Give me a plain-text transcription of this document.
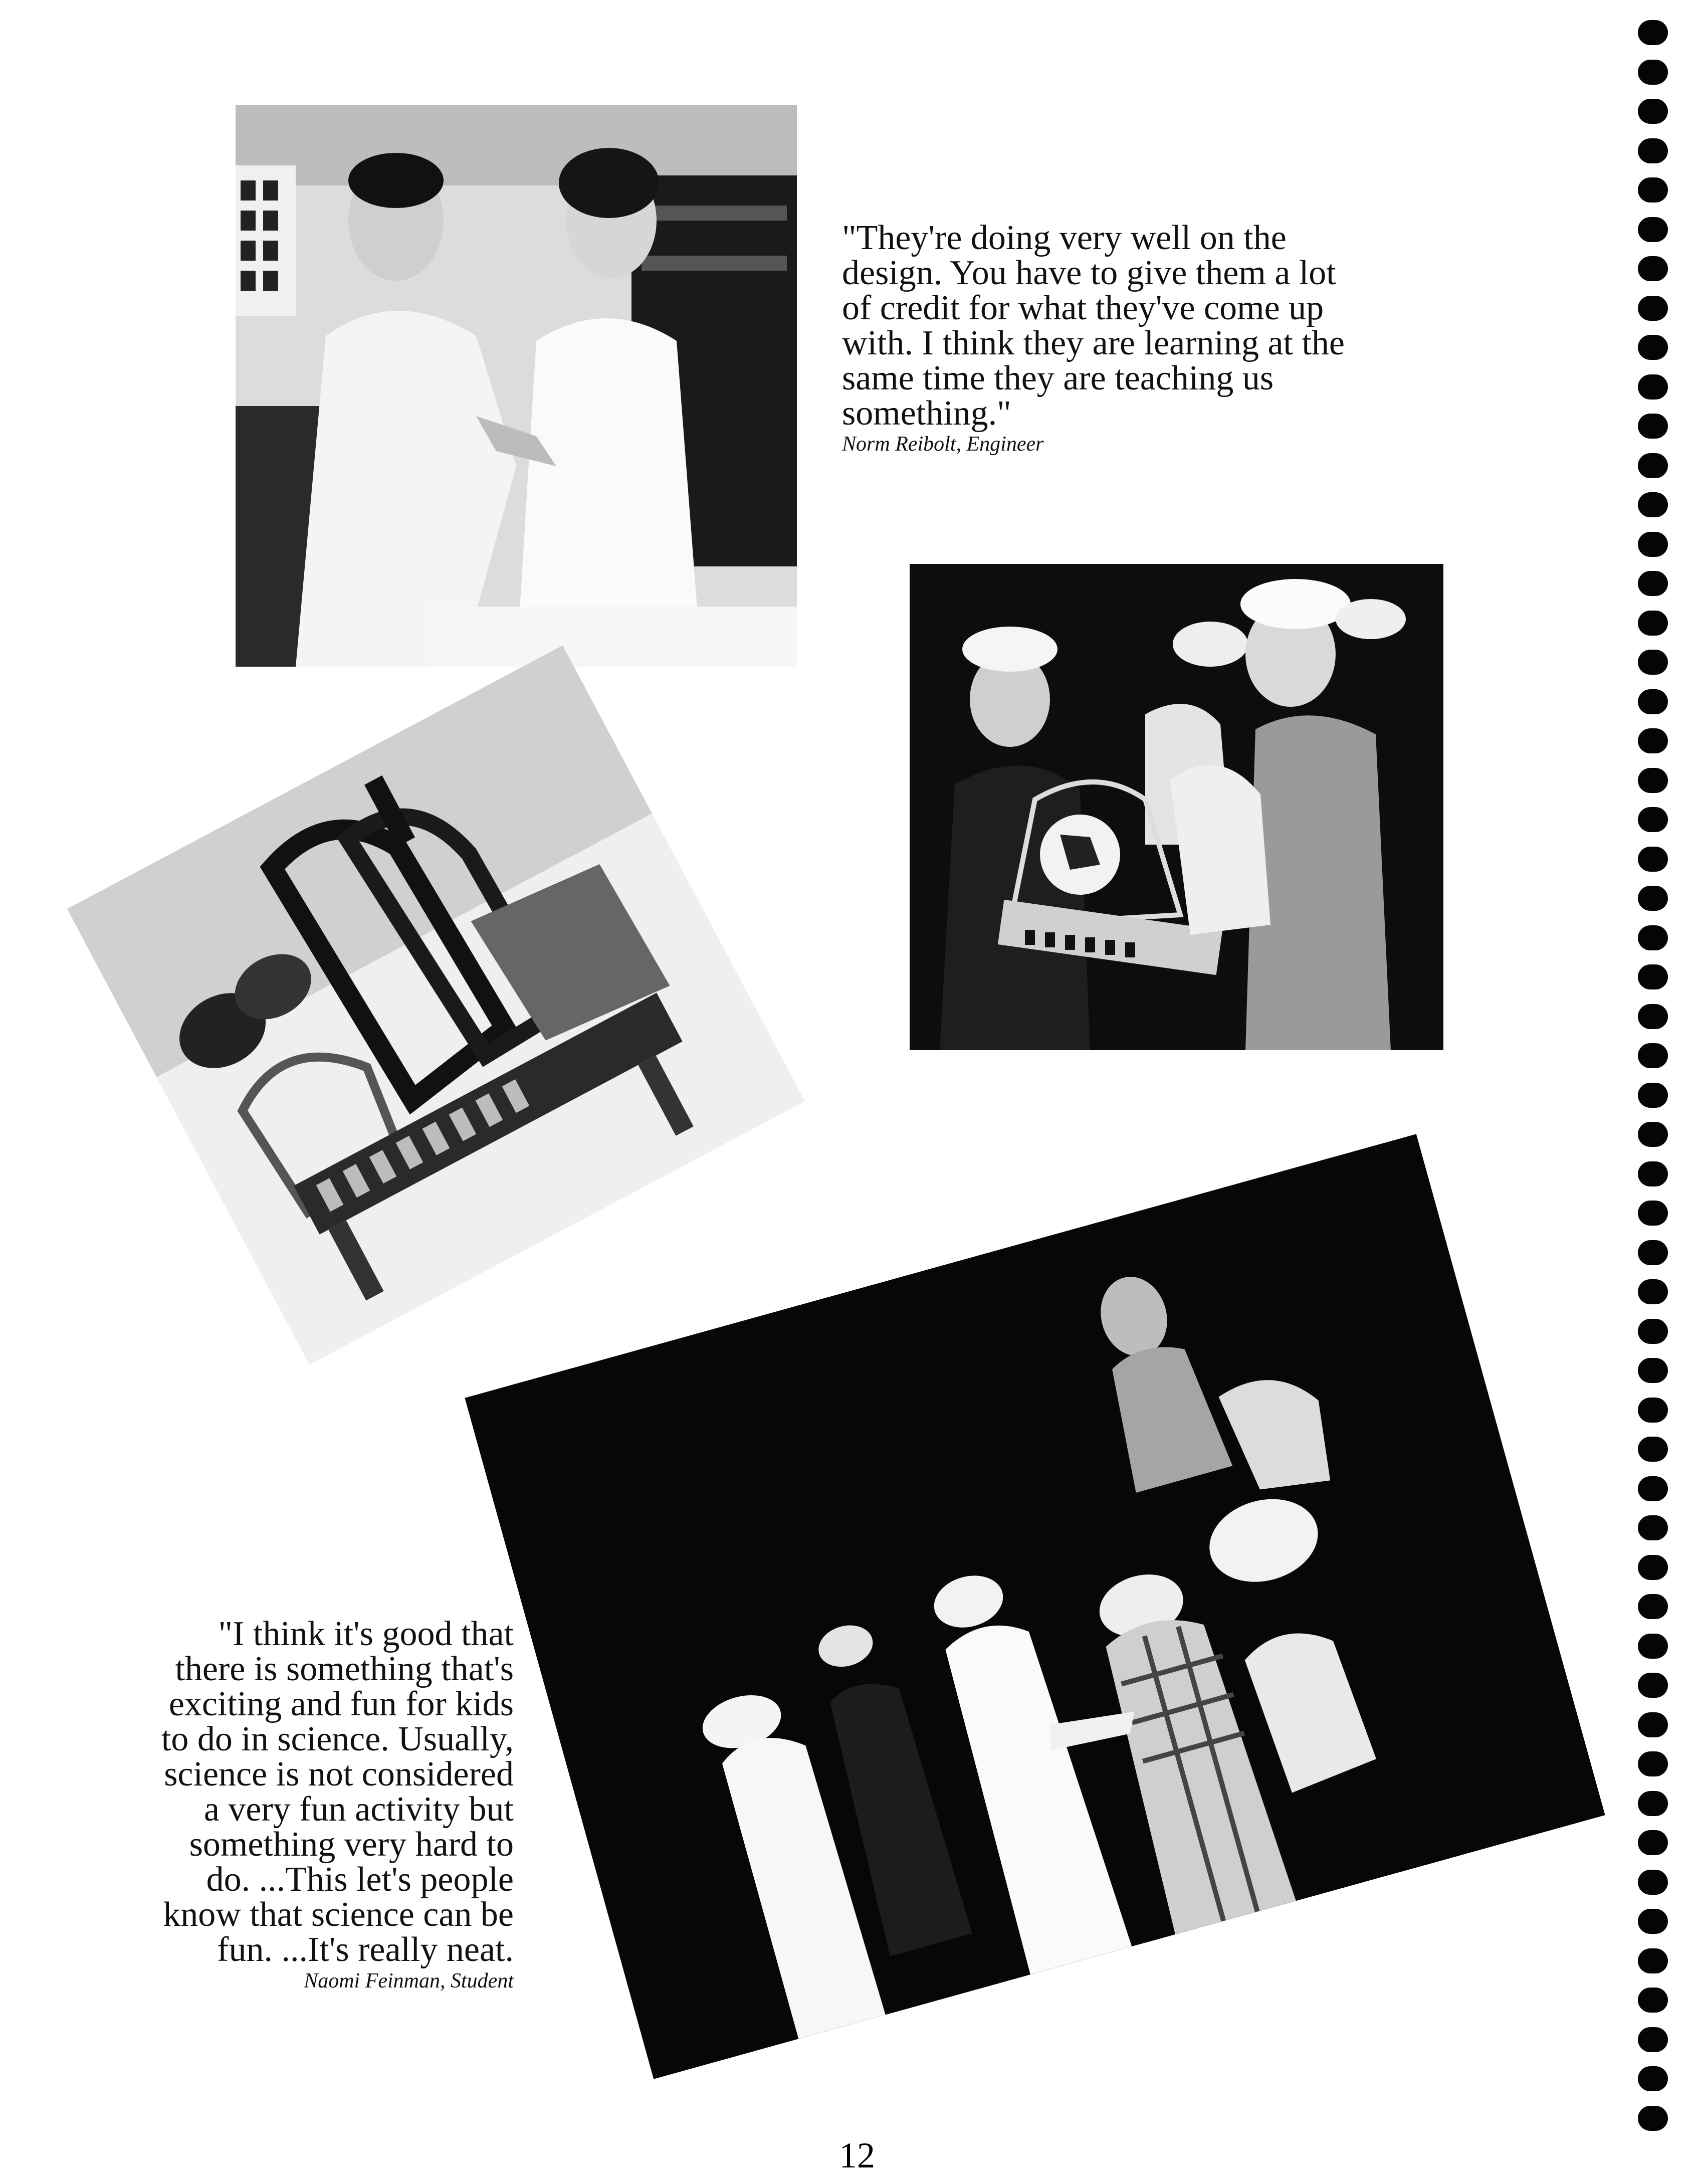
"They're doing very well on the
design. You have to give them a lot
of credit for what they've come up
with. I think they are learning at the
same time they are teaching us
something."
Norm Reibolt, Engineer
"I think it's good that
there is something that's
exciting and fun for kids
to do in science. Usually,
science is not considered
a very fun activity but
something very hard to
do. ...This let's people
know that science can be
fun. ...It's really neat.
Naomi Feinman, Student
12
